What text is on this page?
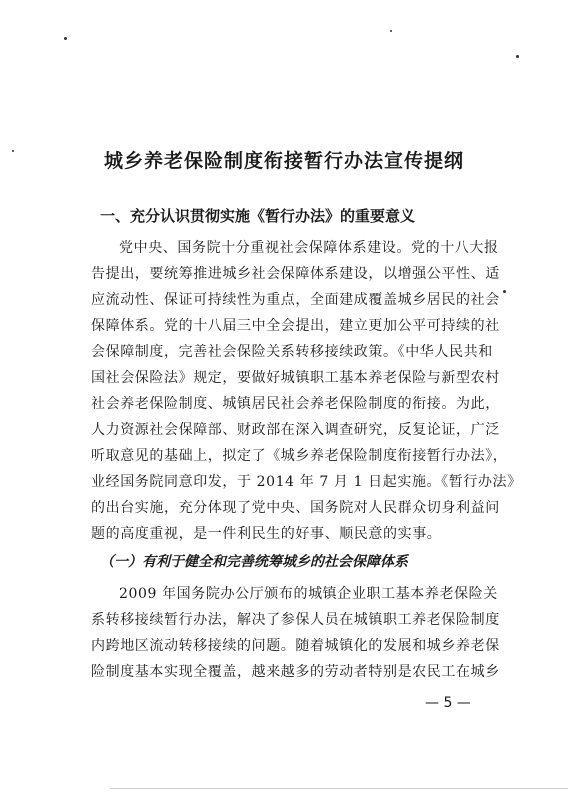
城乡养老保险制度衔接暂行办法宣传提纲
一、充分认识贯彻实施《暂行办法》的重要意义
党中央、国务院十分重视社会保障体系建设。党的十八大报
告提出，要统筹推进城乡社会保障体系建设，以增强公平性、适
应流动性、保证可持续性为重点，全面建成覆盖城乡居民的社会
保障体系。党的十八届三中全会提出，建立更加公平可持续的社
会保障制度，完善社会保险关系转移接续政策。《中华人民共和
国社会保险法》规定，要做好城镇职工基本养老保险与新型农村
社会养老保险制度、城镇居民社会养老保险制度的衔接。为此，
人力资源社会保障部、财政部在深入调查研究，反复论证，广泛
听取意见的基础上，拟定了《城乡养老保险制度衔接暂行办法》，
业经国务院同意印发，于 2014 年 7 月 1 日起实施。《暂行办法》
的出台实施，充分体现了党中央、国务院对人民群众切身利益问
题的高度重视，是一件利民生的好事、顺民意的实事。
（一）有利于健全和完善统筹城乡的社会保障体系
2009 年国务院办公厅颁布的城镇企业职工基本养老保险关
系转移接续暂行办法，解决了参保人员在城镇职工养老保险制度
内跨地区流动转移接续的问题。随着城镇化的发展和城乡养老保
险制度基本实现全覆盖，越来越多的劳动者特别是农民工在城乡
— 5 —
